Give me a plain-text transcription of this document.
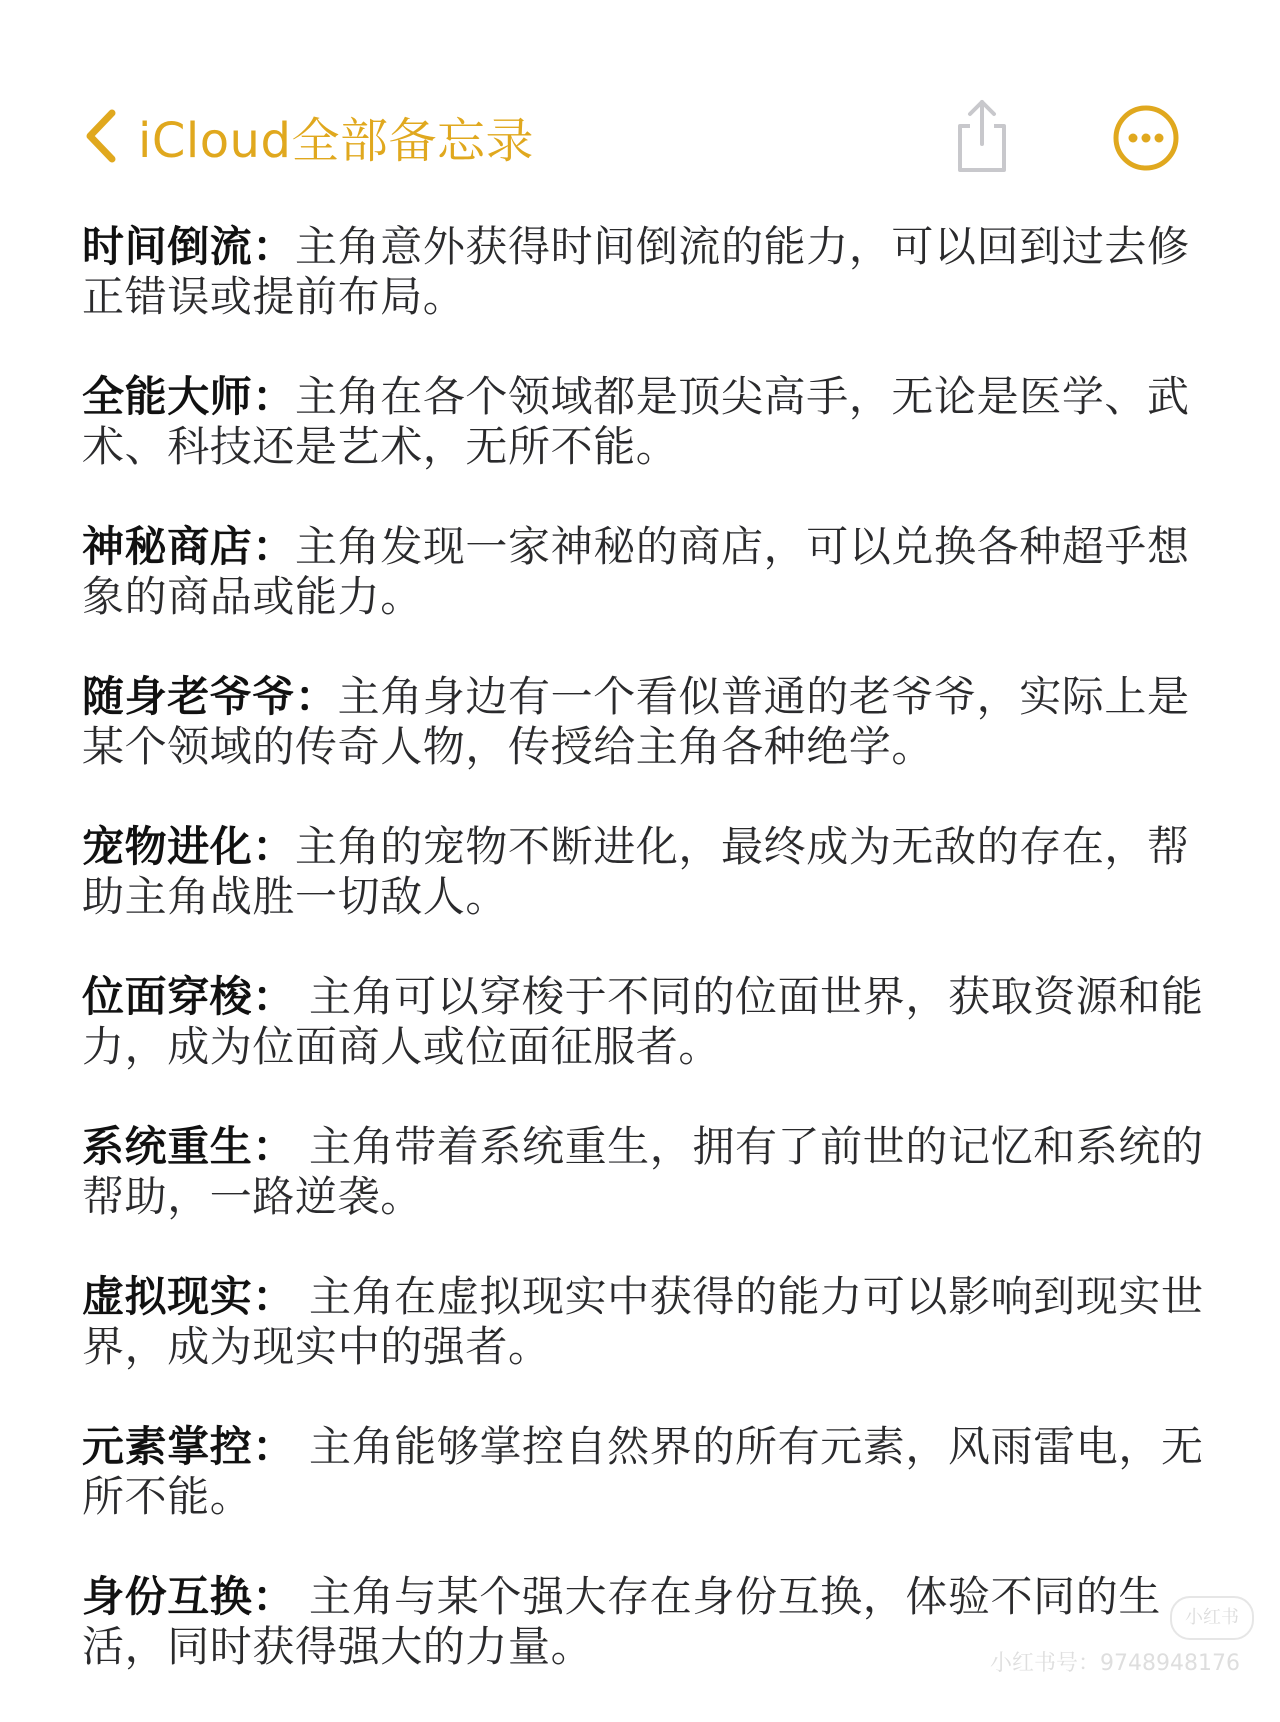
iCloud全部备忘录

时间倒流：主角意外获得时间倒流的能力，可以回到过去修正错误或提前布局。

全能大师：主角在各个领域都是顶尖高手，无论是医学、武术、科技还是艺术，无所不能。

神秘商店：主角发现一家神秘的商店，可以兑换各种超乎想象的商品或能力。

随身老爷爷：主角身边有一个看似普通的老爷爷，实际上是某个领域的传奇人物，传授给主角各种绝学。

宠物进化：主角的宠物不断进化，最终成为无敌的存在，帮助主角战胜一切敌人。

位面穿梭： 主角可以穿梭于不同的位面世界，获取资源和能力，成为位面商人或位面征服者。

系统重生： 主角带着系统重生，拥有了前世的记忆和系统的帮助，一路逆袭。

虚拟现实： 主角在虚拟现实中获得的能力可以影响到现实世界，成为现实中的强者。

元素掌控： 主角能够掌控自然界的所有元素，风雨雷电，无所不能。

身份互换： 主角与某个强大存在身份互换，体验不同的生活，同时获得强大的力量。

小红书
小红书号：9748948176
